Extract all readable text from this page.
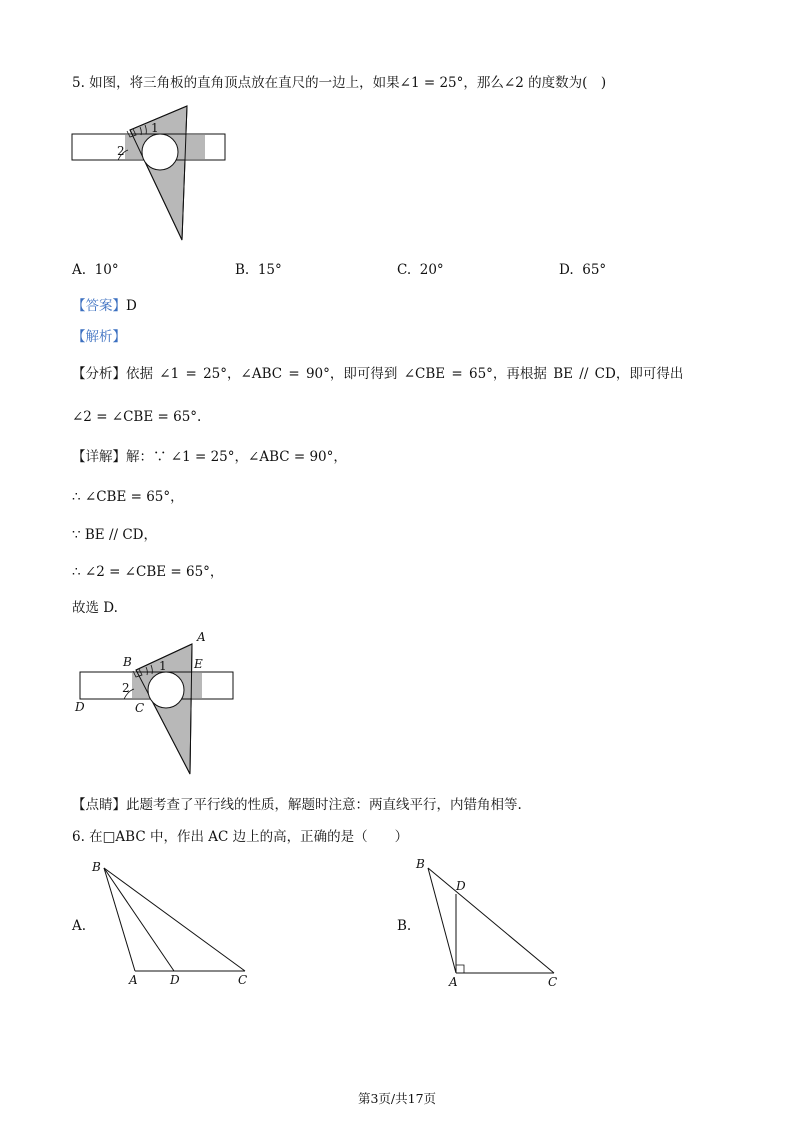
5. 如图，将三角板的直角顶点放在直尺的一边上，如果∠1 = 25°，那么∠2 的度数为(　)
1
2
A. 10°	B. 15°	C. 20°	D. 65°
【答案】D
【解析】
【分析】依据 ∠1 = 25°，∠ABC = 90°，即可得到 ∠CBE = 65°，再根据 BE // CD，即可得出
∠2 = ∠CBE = 65°.
【详解】解：∵ ∠1 = 25°，∠ABC = 90°，
∴ ∠CBE = 65°，
∵ BE // CD，
∴ ∠2 = ∠CBE = 65°，
故选 D.
A
B	E
1
2
D	C
【点睛】此题考查了平行线的性质，解题时注意：两直线平行，内错角相等.
6. 在□ABC 中，作出 AC 边上的高，正确的是（　　）
A.
B
A	D	C
B.
B
D
A	C
第3页/共17页
